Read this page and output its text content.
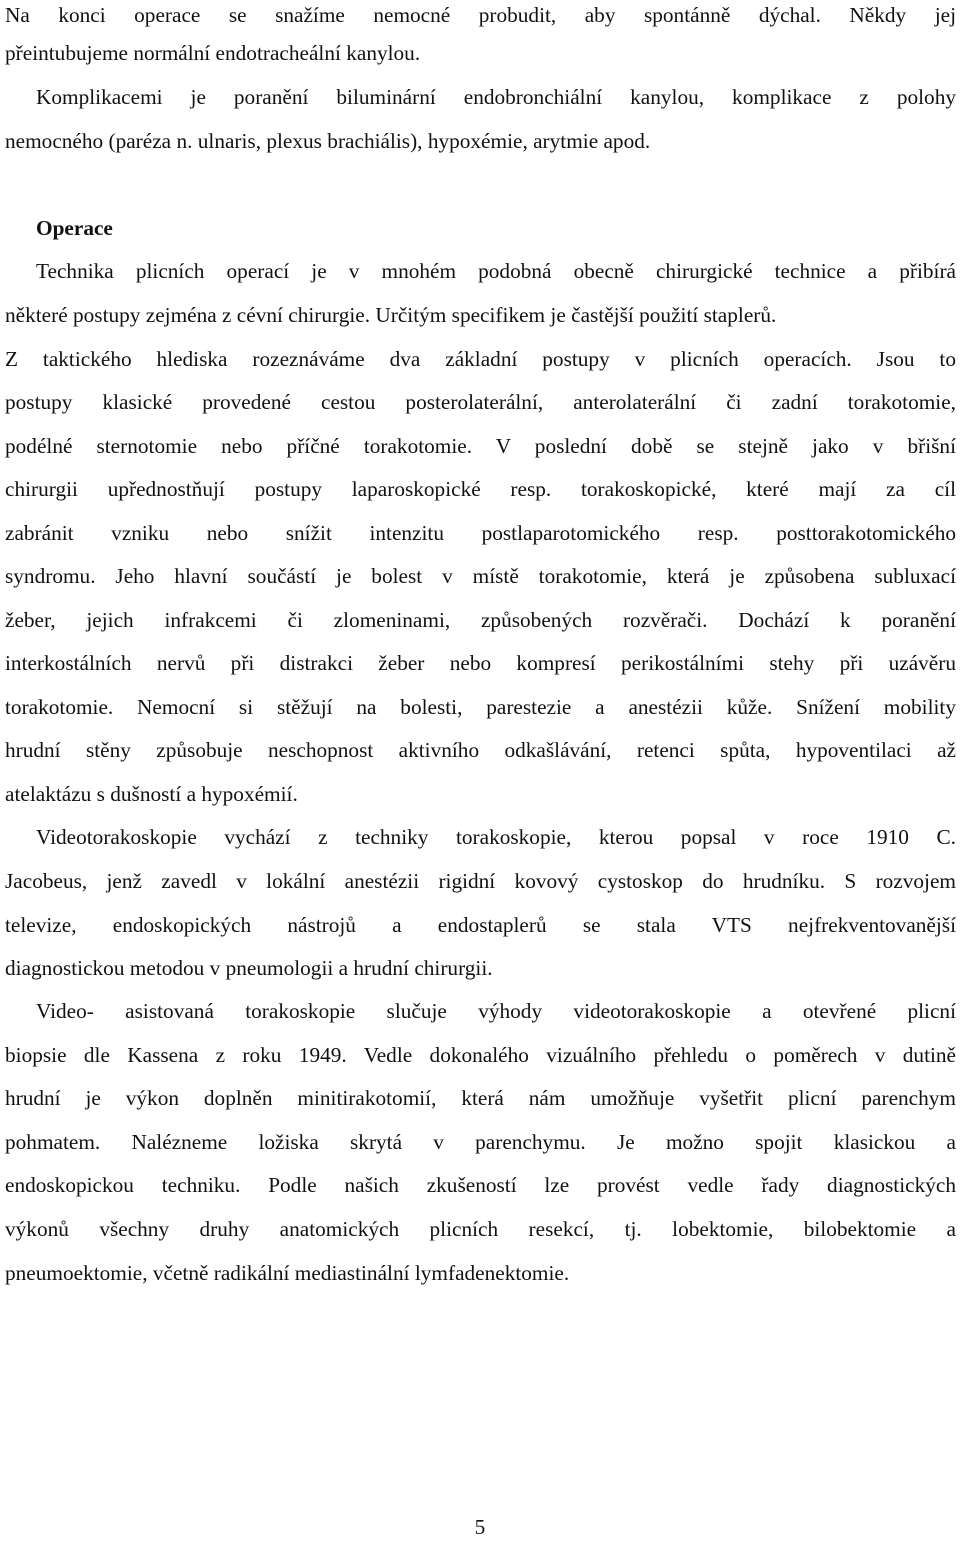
Na konci operace se snažíme nemocné probudit, aby spontánně dýchal. Někdy jej
přeintubujeme normální endotracheální kanylou.
Komplikacemi je poranění biluminární endobronchiální kanylou, komplikace z polohy
nemocného (paréza n. ulnaris, plexus brachiális), hypoxémie, arytmie apod.
Operace
Technika plicních operací je v mnohém podobná obecně chirurgické technice a přibírá
některé postupy zejména z cévní chirurgie. Určitým specifikem je častější použití staplerů.
Z taktického hlediska rozeznáváme dva základní postupy v plicních operacích. Jsou to
postupy klasické provedené cestou posterolaterální, anterolaterální či zadní torakotomie,
podélné sternotomie nebo příčné torakotomie. V poslední době se stejně jako v břišní
chirurgii upřednostňují postupy laparoskopické resp. torakoskopické, které mají za cíl
zabránit vzniku nebo snížit intenzitu postlaparotomického resp. posttorakotomického
syndromu. Jeho hlavní součástí je bolest v místě torakotomie, která je způsobena subluxací
žeber, jejich infrakcemi či zlomeninami, způsobených rozvěrači. Dochází k poranění
interkostálních nervů při distrakci žeber nebo kompresí perikostálními stehy při uzávěru
torakotomie. Nemocní si stěžují na bolesti, parestezie a anestézii kůže. Snížení mobility
hrudní stěny způsobuje neschopnost aktivního odkašlávání, retenci spůta, hypoventilaci až
atelaktázu s dušností a hypoxémií.
Videotorakoskopie vychází z techniky torakoskopie, kterou popsal v roce 1910 C.
Jacobeus, jenž zavedl v lokální anestézii rigidní kovový cystoskop do hrudníku. S rozvojem
televize, endoskopických nástrojů a endostaplerů se stala VTS nejfrekventovanější
diagnostickou metodou v pneumologii a hrudní chirurgii.
Video- asistovaná torakoskopie slučuje výhody videotorakoskopie a otevřené plicní
biopsie dle Kassena z roku 1949. Vedle dokonalého vizuálního přehledu o poměrech v dutině
hrudní je výkon doplněn minitirakotomií, která nám umožňuje vyšetřit plicní parenchym
pohmatem. Nalézneme ložiska skrytá v parenchymu. Je možno spojit klasickou a
endoskopickou techniku. Podle našich zkušeností lze provést vedle řady diagnostických
výkonů všechny druhy anatomických plicních resekcí, tj. lobektomie, bilobektomie a
pneumoektomie, včetně radikální mediastinální lymfadenektomie.
5
